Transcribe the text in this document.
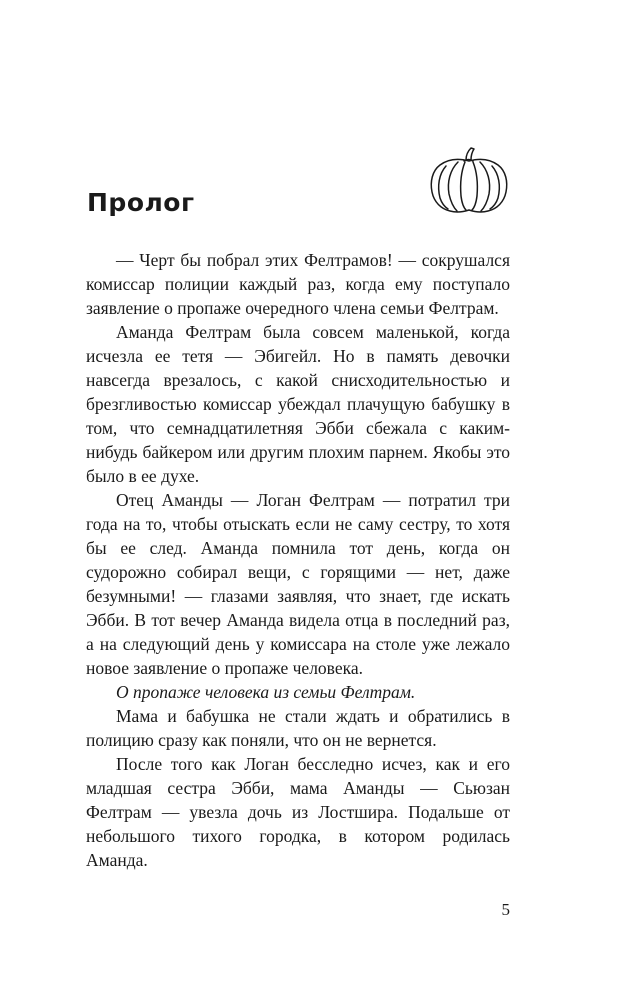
Пролог

— Черт бы побрал этих Фелтрамов! — сокрушался комиссар полиции каждый раз, когда ему поступало заявление о пропаже очередного члена семьи Фелтрам.

Аманда Фелтрам была совсем маленькой, когда исчезла ее тетя — Эбигейл. Но в память девочки навсегда врезалось, с какой снисходительностью и брезгливостью комиссар убеждал плачущую бабушку в том, что семнадцатилетняя Эбби сбежала с каким-нибудь байкером или другим плохим парнем. Якобы это было в ее духе.

Отец Аманды — Логан Фелтрам — потратил три года на то, чтобы отыскать если не саму сестру, то хотя бы ее след. Аманда помнила тот день, когда он судорожно собирал вещи, с горящими — нет, даже безумными! — глазами заявляя, что знает, где искать Эбби. В тот вечер Аманда видела отца в последний раз, а на следующий день у комиссара на столе уже лежало новое заявление о пропаже человека.

О пропаже человека из семьи Фелтрам.

Мама и бабушка не стали ждать и обратились в полицию сразу как поняли, что он не вернется.

После того как Логан бесследно исчез, как и его младшая сестра Эбби, мама Аманды — Сьюзан Фелтрам — увезла дочь из Лостшира. Подальше от небольшого тихого городка, в котором родилась Аманда.

5
